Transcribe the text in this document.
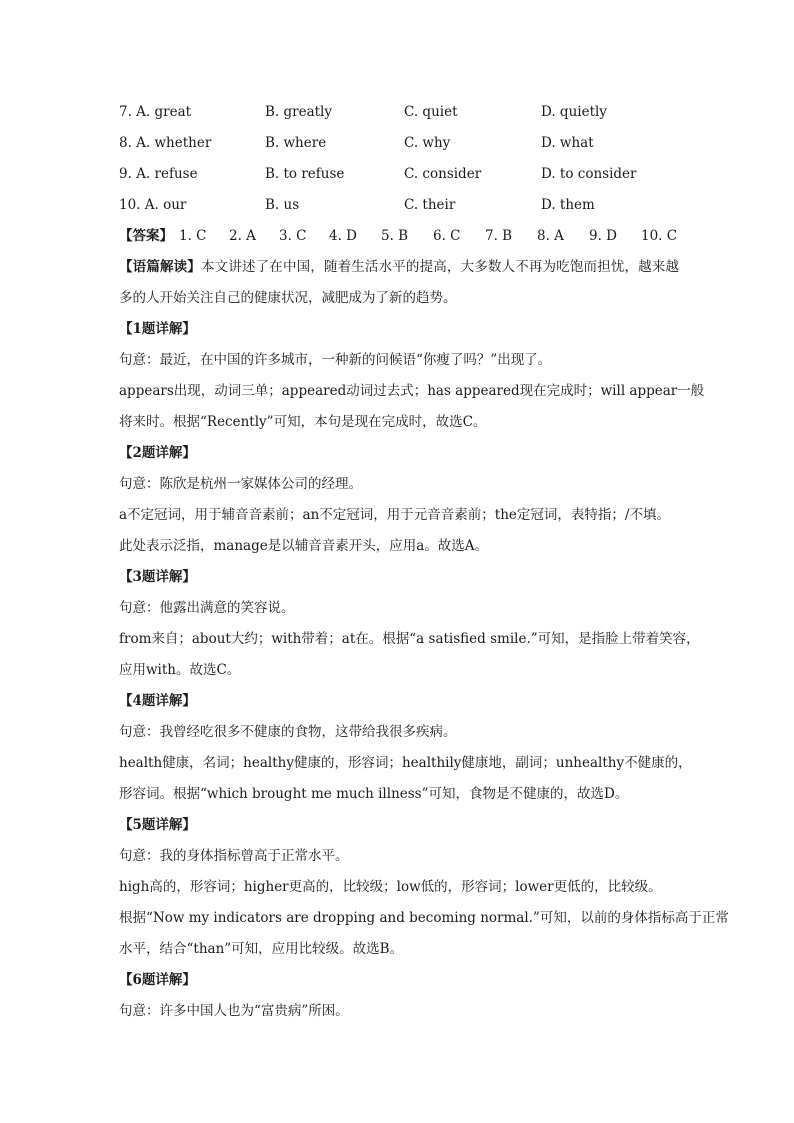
7. A. great	B. greatly	C. quiet	D. quietly
8. A. whether	B. where	C. why	D. what
9. A. refuse	B. to refuse	C. consider	D. to consider
10. A. our	B. us	C. their	D. them
【答案】 1. C 2. A 3. C 4. D 5. B 6. C 7. B 8. A 9. D 10. C
【语篇解读】本文讲述了在中国，随着生活水平的提高，大多数人不再为吃饱而担忧，越来越多的人开始关注自己的健康状况，减肥成为了新的趋势。
【1题详解】
句意：最近，在中国的许多城市，一种新的问候语“你瘦了吗？”出现了。
appears出现，动词三单；appeared动词过去式；has appeared现在完成时；will appear一般
将来时。根据“Recently”可知，本句是现在完成时，故选C。
【2题详解】
句意：陈欣是杭州一家媒体公司的经理。
a不定冠词，用于辅音音素前；an不定冠词，用于元音音素前；the定冠词，表特指；/不填。
此处表示泛指，manage是以辅音音素开头，应用a。故选A。
【3题详解】
句意：他露出满意的笑容说。
from来自；about大约；with带着；at在。根据“a satisfied smile.”可知，是指脸上带着笑容，
应用with。故选C。
【4题详解】
句意：我曾经吃很多不健康的食物，这带给我很多疾病。
health健康，名词；healthy健康的，形容词；healthily健康地，副词；unhealthy不健康的，
形容词。根据“which brought me much illness”可知，食物是不健康的，故选D。
【5题详解】
句意：我的身体指标曾高于正常水平。
high高的，形容词；higher更高的，比较级；low低的，形容词；lower更低的，比较级。
根据“Now my indicators are dropping and becoming normal.”可知，以前的身体指标高于正常
水平，结合“than”可知，应用比较级。故选B。
【6题详解】
句意：许多中国人也为“富贵病”所困。
